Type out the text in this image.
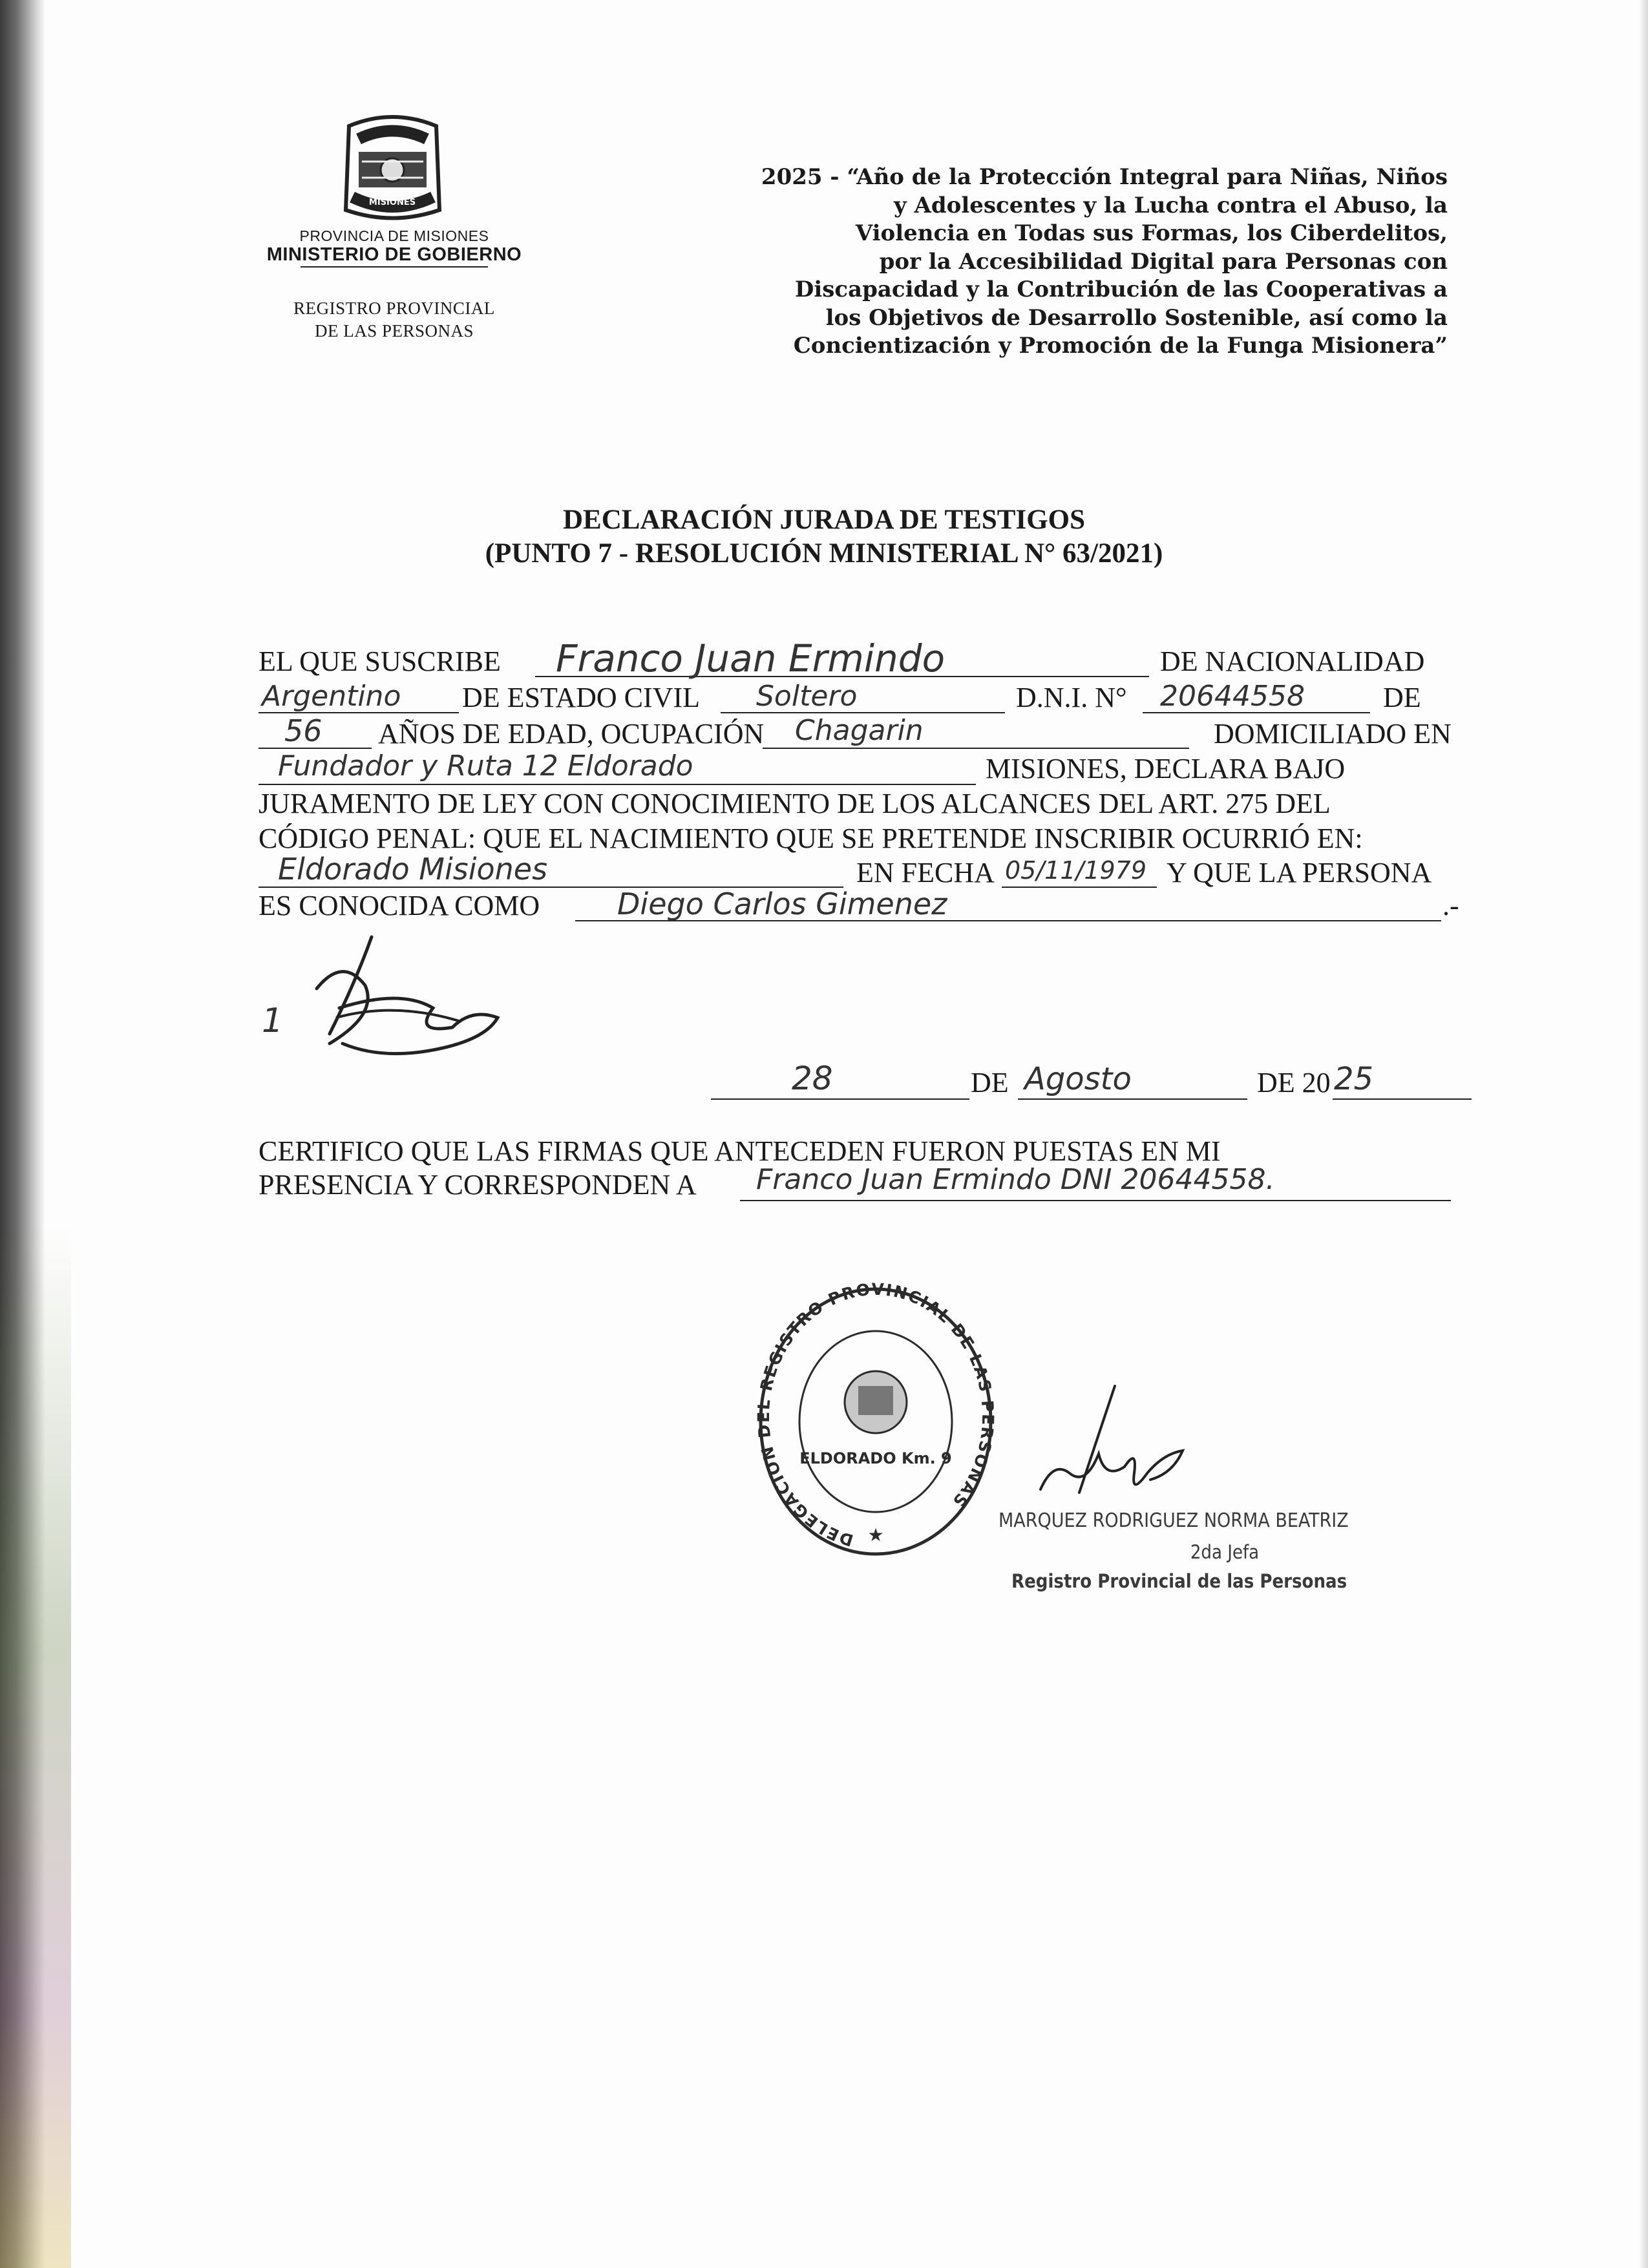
MISIONES
PROVINCIA DE MISIONES
MINISTERIO DE GOBIERNO
REGISTRO PROVINCIAL
DE LAS PERSONAS
2025 - “Año de la Protección Integral para Niñas, Niños
y Adolescentes y la Lucha contra el Abuso, la
Violencia en Todas sus Formas, los Ciberdelitos,
por la Accesibilidad Digital para Personas con
Discapacidad y la Contribución de las Cooperativas a
los Objetivos de Desarrollo Sostenible, así como la
Concientización y Promoción de la Funga Misionera”
DECLARACIÓN JURADA DE TESTIGOS
(PUNTO 7 - RESOLUCIÓN MINISTERIAL N° 63/2021)
EL QUE SUSCRIBE Franco Juan Ermindo	DE NACIONALIDAD
Argentino DE ESTADO CIVIL Soltero	D.N.I. N° 20644558	DE
56 AÑOS DE EDAD, OCUPACIÓN Chagarin	DOMICILIADO EN
Fundador y Ruta 12 Eldorado	MISIONES, DECLARA BAJO
JURAMENTO DE LEY CON CONOCIMIENTO DE LOS ALCANCES DEL ART. 275 DEL
CÓDIGO PENAL: QUE EL NACIMIENTO QUE SE PRETENDE INSCRIBIR OCURRIÓ EN:
Eldorado Misiones	EN FECHA 05/11/1979 Y QUE LA PERSONA
ES CONOCIDA COMO	Diego Carlos Gimenez	.-
1
28	DE Agosto	DE 20 25
CERTIFICO QUE LAS FIRMAS QUE ANTECEDEN FUERON PUESTAS EN MI
PRESENCIA Y CORRESPONDEN A Franco Juan Ermindo DNI 20644558.
DELEGACION DEL REGISTRO PROVINCIAL DE LAS PERSONAS
ELDORADO Km. 9
★
MARQUEZ RODRIGUEZ NORMA BEATRIZ
2da Jefa
Registro Provincial de las Personas
